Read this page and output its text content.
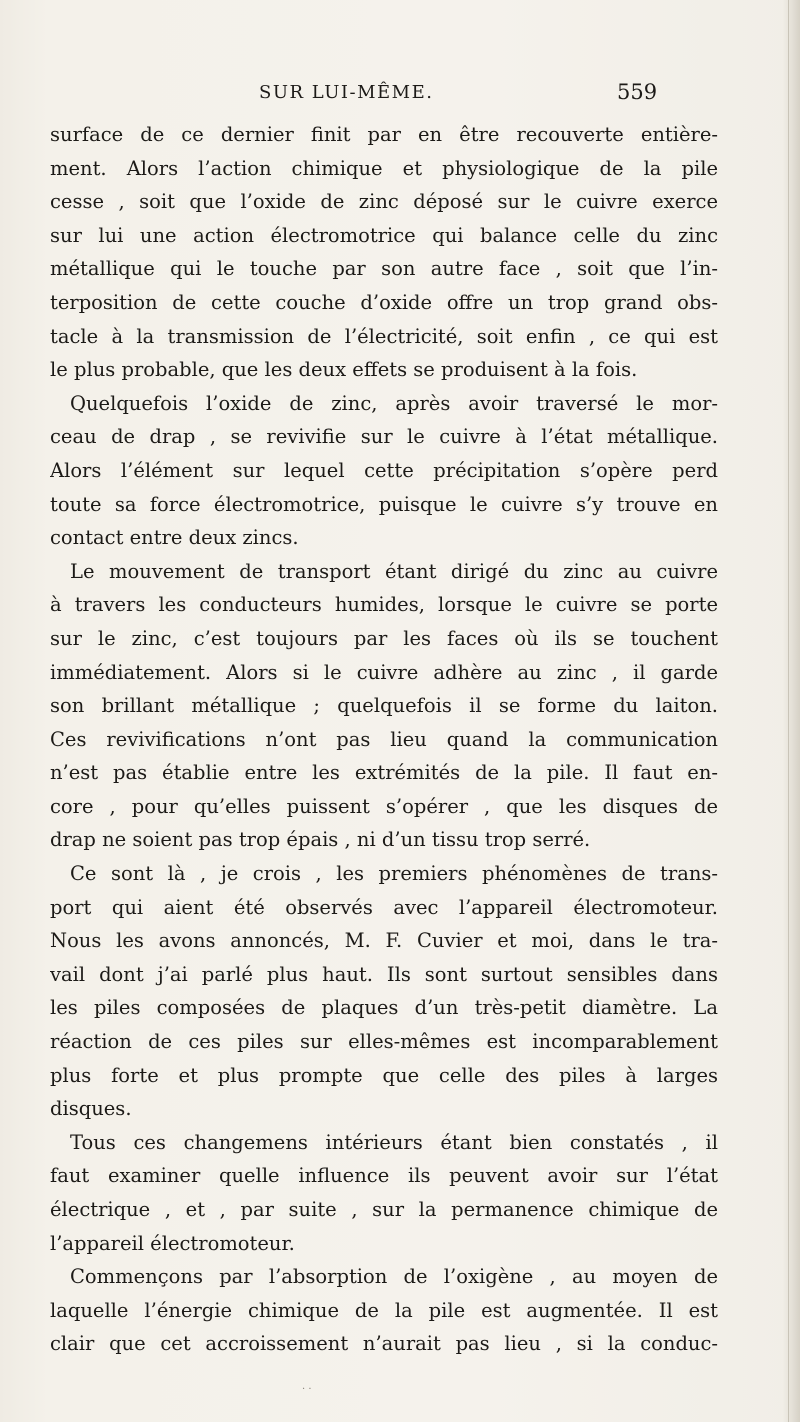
SUR LUI-MÊME.	559
surface de ce dernier finit par en être recouverte entière-
ment. Alors l’action chimique et physiologique de la pile
cesse , soit que l’oxide de zinc déposé sur le cuivre exerce
sur lui une action électromotrice qui balance celle du zinc
métallique qui le touche par son autre face , soit que l’in-
terposition de cette couche d’oxide offre un trop grand obs-
tacle à la transmission de l’électricité, soit enfin , ce qui est
le plus probable, que les deux effets se produisent à la fois.
Quelquefois l’oxide de zinc, après avoir traversé le mor-
ceau de drap , se revivifie sur le cuivre à l’état métallique.
Alors l’élément sur lequel cette précipitation s’opère perd
toute sa force électromotrice, puisque le cuivre s’y trouve en
contact entre deux zincs.
Le mouvement de transport étant dirigé du zinc au cuivre
à travers les conducteurs humides, lorsque le cuivre se porte
sur le zinc, c’est toujours par les faces où ils se touchent
immédiatement. Alors si le cuivre adhère au zinc , il garde
son brillant métallique ; quelquefois il se forme du laiton.
Ces revivifications n’ont pas lieu quand la communication
n’est pas établie entre les extrémités de la pile. Il faut en-
core , pour qu’elles puissent s’opérer , que les disques de
drap ne soient pas trop épais , ni d’un tissu trop serré.
Ce sont là , je crois , les premiers phénomènes de trans-
port qui aient été observés avec l’appareil électromoteur.
Nous les avons annoncés, M. F. Cuvier et moi, dans le tra-
vail dont j’ai parlé plus haut. Ils sont surtout sensibles dans
les piles composées de plaques d’un très-petit diamètre. La
réaction de ces piles sur elles-mêmes est incomparablement
plus forte et plus prompte que celle des piles à larges
disques.
Tous ces changemens intérieurs étant bien constatés , il
faut examiner quelle influence ils peuvent avoir sur l’état
électrique , et , par suite , sur la permanence chimique de
l’appareil électromoteur.
Commençons par l’absorption de l’oxigène , au moyen de
laquelle l’énergie chimique de la pile est augmentée. Il est
clair que cet accroissement n’aurait pas lieu , si la conduc-
· ·
